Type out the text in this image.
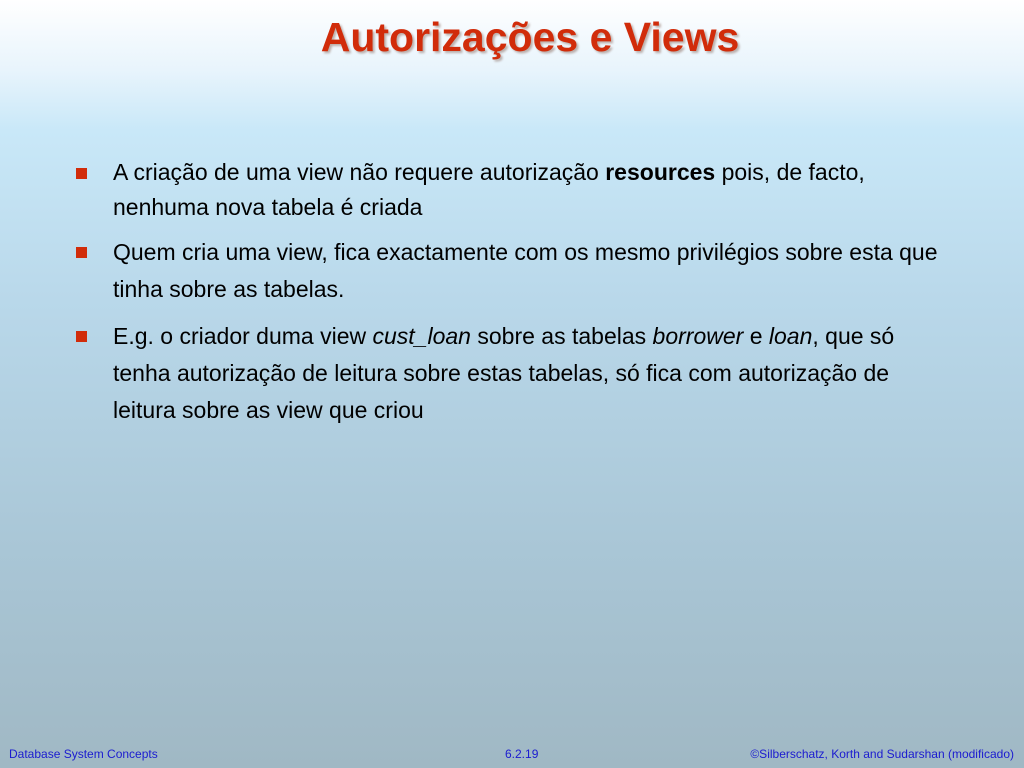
Autorizações e Views
A criação de uma view não requere autorização resources pois, de facto, nenhuma nova tabela é criada
Quem cria uma view, fica exactamente com os mesmo privilégios sobre esta que tinha sobre as tabelas.
E.g. o criador duma view cust_loan sobre as tabelas borrower e loan, que só tenha autorização de leitura sobre estas tabelas, só fica com autorização de leitura sobre as view que criou
Database System Concepts	6.2.19	©Silberschatz, Korth and Sudarshan (modificado)
